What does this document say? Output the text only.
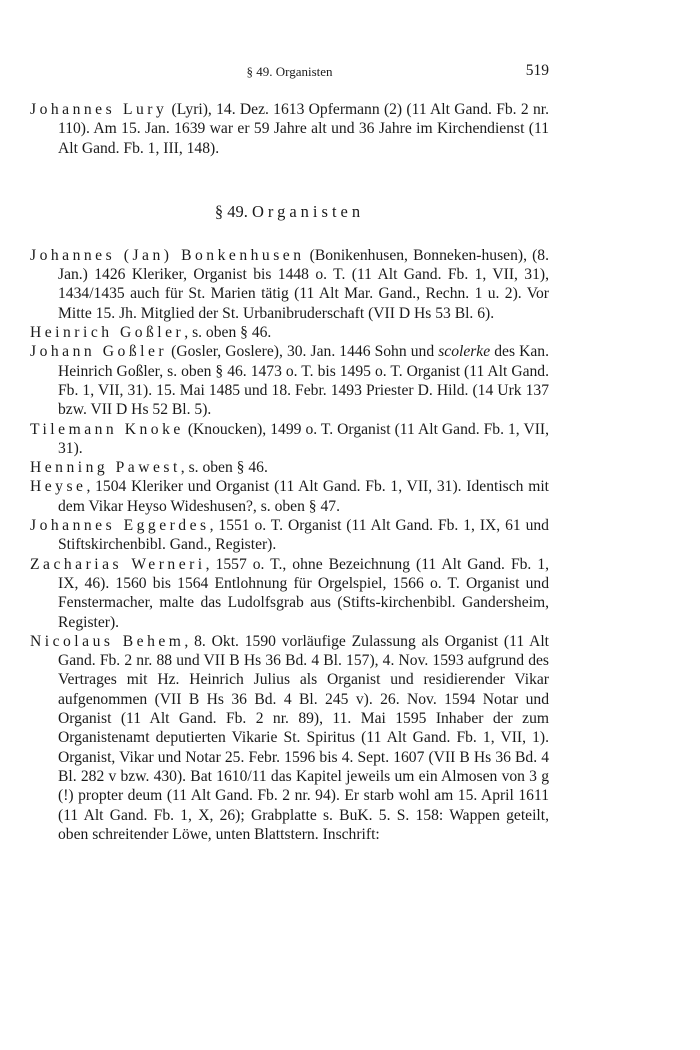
§ 49. Organisten	519

Johannes Lury (Lyri), 14. Dez. 1613 Opfermann (2) (11 Alt Gand. Fb. 2 nr. 110). Am 15. Jan. 1639 war er 59 Jahre alt und 36 Jahre im Kirchendienst (11 Alt Gand. Fb. 1, III, 148).

§ 49. Organisten

Johannes (Jan) Bonkenhusen (Bonikenhusen, Bonneken-husen), (8. Jan.) 1426 Kleriker, Organist bis 1448 o. T. (11 Alt Gand. Fb. 1, VII, 31), 1434/1435 auch für St. Marien tätig (11 Alt Mar. Gand., Rechn. 1 u. 2). Vor Mitte 15. Jh. Mitglied der St. Urbanibruderschaft (VII D Hs 53 Bl. 6).

Heinrich Goßler, s. oben § 46.

Johann Goßler (Gosler, Goslere), 30. Jan. 1446 Sohn und scolerke des Kan. Heinrich Goßler, s. oben § 46. 1473 o. T. bis 1495 o. T. Organist (11 Alt Gand. Fb. 1, VII, 31). 15. Mai 1485 und 18. Febr. 1493 Priester D. Hild. (14 Urk 137 bzw. VII D Hs 52 Bl. 5).

Tilemann Knoke (Knoucken), 1499 o. T. Organist (11 Alt Gand. Fb. 1, VII, 31).

Henning Pawest, s. oben § 46.

Heyse, 1504 Kleriker und Organist (11 Alt Gand. Fb. 1, VII, 31). Identisch mit dem Vikar Heyso Wideshusen?, s. oben § 47.

Johannes Eggerdes, 1551 o. T. Organist (11 Alt Gand. Fb. 1, IX, 61 und Stiftskirchenbibl. Gand., Register).

Zacharias Werneri, 1557 o. T., ohne Bezeichnung (11 Alt Gand. Fb. 1, IX, 46). 1560 bis 1564 Entlohnung für Orgelspiel, 1566 o. T. Organist und Fenstermacher, malte das Ludolfsgrab aus (Stifts-kirchenbibl. Gandersheim, Register).

Nicolaus Behem, 8. Okt. 1590 vorläufige Zulassung als Organist (11 Alt Gand. Fb. 2 nr. 88 und VII B Hs 36 Bd. 4 Bl. 157), 4. Nov. 1593 aufgrund des Vertrages mit Hz. Heinrich Julius als Organist und residierender Vikar aufgenommen (VII B Hs 36 Bd. 4 Bl. 245 v). 26. Nov. 1594 Notar und Organist (11 Alt Gand. Fb. 2 nr. 89), 11. Mai 1595 Inhaber der zum Organistenamt deputierten Vikarie St. Spiritus (11 Alt Gand. Fb. 1, VII, 1). Organist, Vikar und Notar 25. Febr. 1596 bis 4. Sept. 1607 (VII B Hs 36 Bd. 4 Bl. 282 v bzw. 430). Bat 1610/11 das Kapitel jeweils um ein Almosen von 3 g (!) propter deum (11 Alt Gand. Fb. 2 nr. 94). Er starb wohl am 15. April 1611 (11 Alt Gand. Fb. 1, X, 26); Grabplatte s. BuK. 5. S. 158: Wappen geteilt, oben schreitender Löwe, unten Blattstern. Inschrift:
